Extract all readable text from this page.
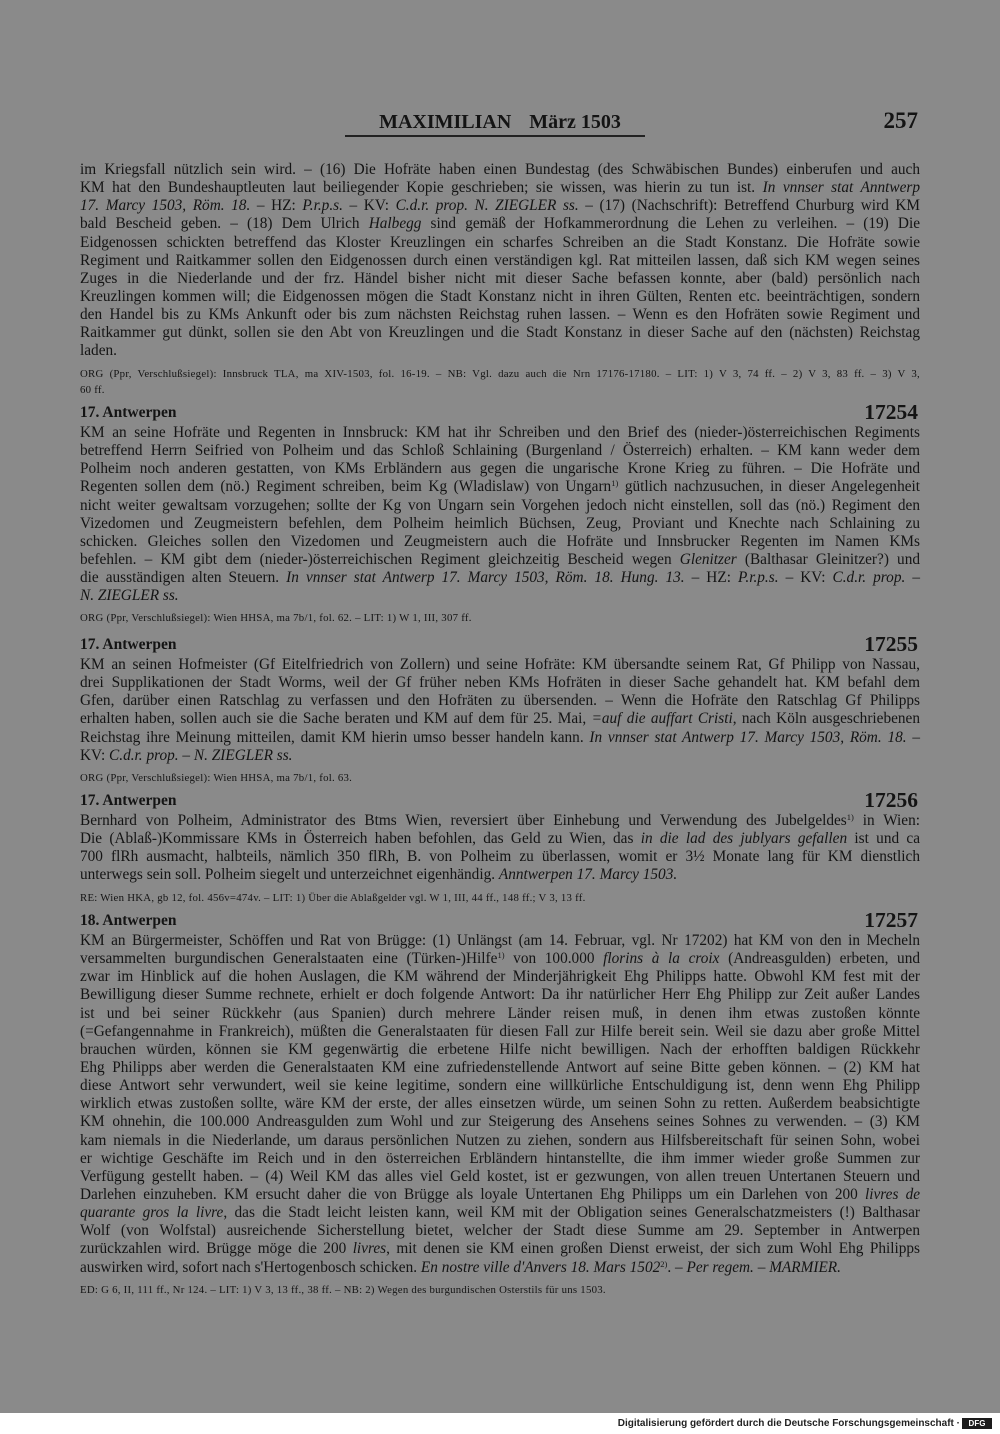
MAXIMILIAN März 1503	257
im Kriegsfall nützlich sein wird. – (16) Die Hofräte haben einen Bundestag (des Schwäbischen Bundes) einberufen und auch
KM hat den Bundeshauptleuten laut beiliegender Kopie geschrieben; sie wissen, was hierin zu tun ist. In vnnser stat Anntwerp
17. Marcy 1503, Röm. 18. – HZ: P.r.p.s. – KV: C.d.r. prop. N. ZIEGLER ss. – (17) (Nachschrift): Betreffend Churburg wird KM
bald Bescheid geben. – (18) Dem Ulrich Halbegg sind gemäß der Hofkammerordnung die Lehen zu verleihen. – (19) Die
Eidgenossen schickten betreffend das Kloster Kreuzlingen ein scharfes Schreiben an die Stadt Konstanz. Die Hofräte sowie
Regiment und Raitkammer sollen den Eidgenossen durch einen verständigen kgl. Rat mitteilen lassen, daß sich KM wegen seines
Zuges in die Niederlande und der frz. Händel bisher nicht mit dieser Sache befassen konnte, aber (bald) persönlich nach
Kreuzlingen kommen will; die Eidgenossen mögen die Stadt Konstanz nicht in ihren Gülten, Renten etc. beeinträchtigen, sondern
den Handel bis zu KMs Ankunft oder bis zum nächsten Reichstag ruhen lassen. – Wenn es den Hofräten sowie Regiment und
Raitkammer gut dünkt, sollen sie den Abt von Kreuzlingen und die Stadt Konstanz in dieser Sache auf den (nächsten) Reichstag
laden.
ORG (Ppr, Verschlußsiegel): Innsbruck TLA, ma XIV-1503, fol. 16-19. – NB: Vgl. dazu auch die Nrn 17176-17180. – LIT: 1) V 3, 74 ff. – 2) V 3, 83 ff. – 3) V 3,
60 ff.
17. Antwerpen	17254
KM an seine Hofräte und Regenten in Innsbruck: KM hat ihr Schreiben und den Brief des (nieder-)österreichischen Regiments
betreffend Herrn Seifried von Polheim und das Schloß Schlaining (Burgenland / Österreich) erhalten. – KM kann weder dem
Polheim noch anderen gestatten, von KMs Erbländern aus gegen die ungarische Krone Krieg zu führen. – Die Hofräte und
Regenten sollen dem (nö.) Regiment schreiben, beim Kg (Wladislaw) von Ungarn$^{1)}$ gütlich nachzusuchen, in dieser Angelegenheit
nicht weiter gewaltsam vorzugehen; sollte der Kg von Ungarn sein Vorgehen jedoch nicht einstellen, soll das (nö.) Regiment den
Vizedomen und Zeugmeistern befehlen, dem Polheim heimlich Büchsen, Zeug, Proviant und Knechte nach Schlaining zu
schicken. Gleiches sollen den Vizedomen und Zeugmeistern auch die Hofräte und Innsbrucker Regenten im Namen KMs
befehlen. – KM gibt dem (nieder-)österreichischen Regiment gleichzeitig Bescheid wegen Glenitzer (Balthasar Gleinitzer?) und
die ausständigen alten Steuern. In vnnser stat Antwerp 17. Marcy 1503, Röm. 18. Hung. 13. – HZ: P.r.p.s. – KV: C.d.r. prop. –
N. ZIEGLER ss.
ORG (Ppr, Verschlußsiegel): Wien HHSA, ma 7b/1, fol. 62. – LIT: 1) W 1, III, 307 ff.
17. Antwerpen	17255
KM an seinen Hofmeister (Gf Eitelfriedrich von Zollern) und seine Hofräte: KM übersandte seinem Rat, Gf Philipp von Nassau,
drei Supplikationen der Stadt Worms, weil der Gf früher neben KMs Hofräten in dieser Sache gehandelt hat. KM befahl dem
Gfen, darüber einen Ratschlag zu verfassen und den Hofräten zu übersenden. – Wenn die Hofräte den Ratschlag Gf Philipps
erhalten haben, sollen auch sie die Sache beraten und KM auf dem für 25. Mai, =auf die auffart Cristi, nach Köln ausgeschriebenen
Reichstag ihre Meinung mitteilen, damit KM hierin umso besser handeln kann. In vnnser stat Antwerp 17. Marcy 1503, Röm. 18. –
KV: C.d.r. prop. – N. ZIEGLER ss.
ORG (Ppr, Verschlußsiegel): Wien HHSA, ma 7b/1, fol. 63.
17. Antwerpen	17256
Bernhard von Polheim, Administrator des Btms Wien, reversiert über Einhebung und Verwendung des Jubelgeldes$^{1)}$ in Wien:
Die (Ablaß-)Kommissare KMs in Österreich haben befohlen, das Geld zu Wien, das in die lad des jublyars gefallen ist und ca
700 flRh ausmacht, halbteils, nämlich 350 flRh, B. von Polheim zu überlassen, womit er 3½ Monate lang für KM dienstlich
unterwegs sein soll. Polheim siegelt und unterzeichnet eigenhändig. Anntwerpen 17. Marcy 1503.
RE: Wien HKA, gb 12, fol. 456v=474v. – LIT: 1) Über die Ablaßgelder vgl. W 1, III, 44 ff., 148 ff.; V 3, 13 ff.
18. Antwerpen	17257
KM an Bürgermeister, Schöffen und Rat von Brügge: (1) Unlängst (am 14. Februar, vgl. Nr 17202) hat KM von den in Mecheln
versammelten burgundischen Generalstaaten eine (Türken-)Hilfe$^{1)}$ von 100.000 florins à la croix (Andreasgulden) erbeten, und
zwar im Hinblick auf die hohen Auslagen, die KM während der Minderjährigkeit Ehg Philipps hatte. Obwohl KM fest mit der
Bewilligung dieser Summe rechnete, erhielt er doch folgende Antwort: Da ihr natürlicher Herr Ehg Philipp zur Zeit außer Landes
ist und bei seiner Rückkehr (aus Spanien) durch mehrere Länder reisen muß, in denen ihm etwas zustoßen könnte
(=Gefangennahme in Frankreich), müßten die Generalstaaten für diesen Fall zur Hilfe bereit sein. Weil sie dazu aber große Mittel
brauchen würden, können sie KM gegenwärtig die erbetene Hilfe nicht bewilligen. Nach der erhofften baldigen Rückkehr
Ehg Philipps aber werden die Generalstaaten KM eine zufriedenstellende Antwort auf seine Bitte geben können. – (2) KM hat
diese Antwort sehr verwundert, weil sie keine legitime, sondern eine willkürliche Entschuldigung ist, denn wenn Ehg Philipp
wirklich etwas zustoßen sollte, wäre KM der erste, der alles einsetzen würde, um seinen Sohn zu retten. Außerdem beabsichtigte
KM ohnehin, die 100.000 Andreasgulden zum Wohl und zur Steigerung des Ansehens seines Sohnes zu verwenden. – (3) KM
kam niemals in die Niederlande, um daraus persönlichen Nutzen zu ziehen, sondern aus Hilfsbereitschaft für seinen Sohn, wobei
er wichtige Geschäfte im Reich und in den österreichen Erbländern hintanstellte, die ihm immer wieder große Summen zur
Verfügung gestellt haben. – (4) Weil KM das alles viel Geld kostet, ist er gezwungen, von allen treuen Untertanen Steuern und
Darlehen einzuheben. KM ersucht daher die von Brügge als loyale Untertanen Ehg Philipps um ein Darlehen von 200 livres de
quarante gros la livre, das die Stadt leicht leisten kann, weil KM mit der Obligation seines Generalschatzmeisters (!) Balthasar
Wolf (von Wolfstal) ausreichende Sicherstellung bietet, welcher der Stadt diese Summe am 29. September in Antwerpen
zurückzahlen wird. Brügge möge die 200 livres, mit denen sie KM einen großen Dienst erweist, der sich zum Wohl Ehg Philipps
auswirken wird, sofort nach s'Hertogenbosch schicken. En nostre ville d'Anvers 18. Mars 1502$^{2)}$. – Per regem. – MARMIER.
ED: G 6, II, 111 ff., Nr 124. – LIT: 1) V 3, 13 ff., 38 ff. – NB: 2) Wegen des burgundischen Osterstils für uns 1503.
Digitalisierung gefördert durch die Deutsche Forschungsgemeinschaft ·	DFG
